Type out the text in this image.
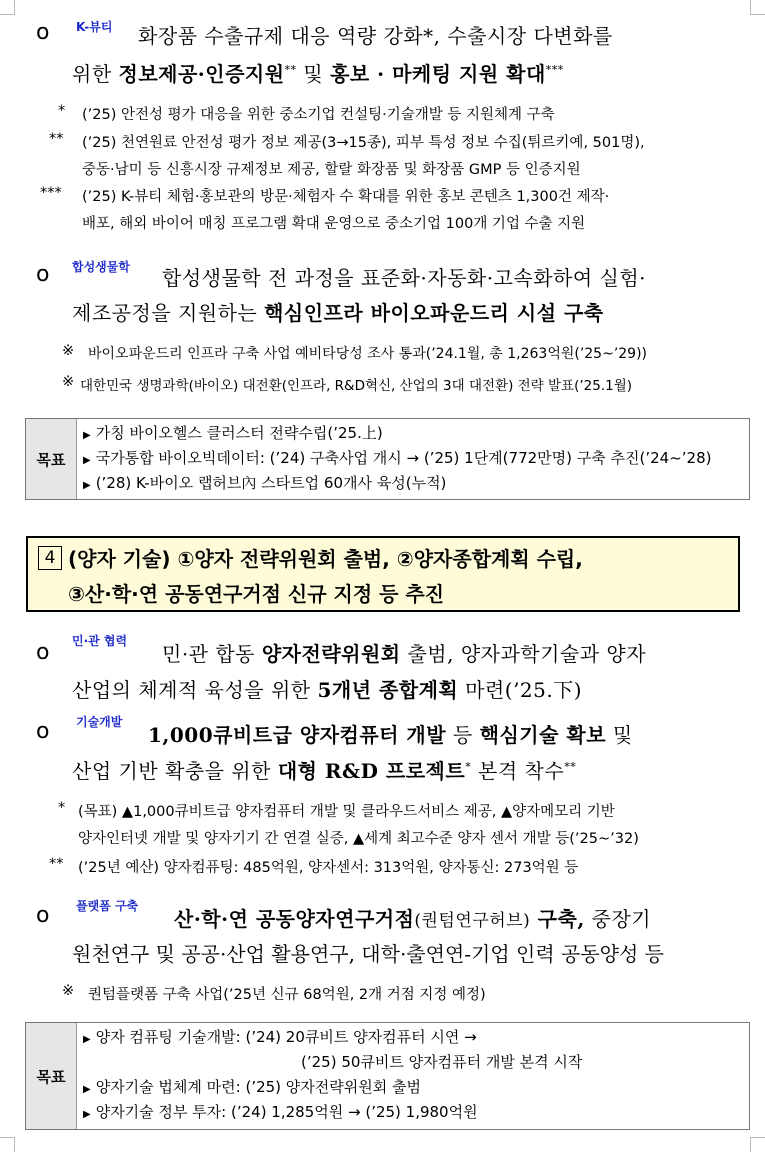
o K-뷰티 화장품 수출규제 대응 역량 강화*, 수출시장 다변화를
위한 정보제공·인증지원** 및 홍보 · 마케팅 지원 확대***
* (’25) 안전성 평가 대응을 위한 중소기업 컨설팅·기술개발 등 지원체계 구축
** (’25) 천연원료 안전성 평가 정보 제공(3→15종), 피부 특성 정보 수집(튀르키예, 501명),
중동·남미 등 신흥시장 규제정보 제공, 할랄 화장품 및 화장품 GMP 등 인증지원
*** (’25) K-뷰티 체험·홍보관의 방문·체험자 수 확대를 위한 홍보 콘텐츠 1,300건 제작·
배포, 해외 바이어 매칭 프로그램 확대 운영으로 중소기업 100개 기업 수출 지원
o 합성생물학 합성생물학 전 과정을 표준화·자동화·고속화하여 실험·
제조공정을 지원하는 핵심인프라 바이오파운드리 시설 구축
※ 바이오파운드리 인프라 구축 사업 예비타당성 조사 통과(’24.1월, 총 1,263억원(’25~’29))
※ 대한민국 생명과학(바이오) 대전환(인프라, R&D혁신, 산업의 3대 대전환) 전략 발표(’25.1월)
목표
▶ 가칭 바이오헬스 클러스터 전략수립(’25.上)
▶ 국가통합 바이오빅데이터: (’24) 구축사업 개시 → (’25) 1단계(772만명) 구축 추진(’24~’28)
▶ (’28) K-바이오 랩허브內 스타트업 60개사 육성(누적)
4 (양자 기술) ①양자 전략위원회 출범, ②양자종합계획 수립,
③산·학·연 공동연구거점 신규 지정 등 추진
o 민·관 협력
민·관 합동 양자전략위원회 출범, 양자과학기술과 양자
산업의 체계적 육성을 위한 5개년 종합계획 마련(’25.下)
o 기술개발
1,000큐비트급 양자컴퓨터 개발 등 핵심기술 확보 및
산업 기반 확충을 위한 대형 R&D 프로젝트* 본격 착수**
* (목표) ▲1,000큐비트급 양자컴퓨터 개발 및 클라우드서비스 제공, ▲양자메모리 기반
양자인터넷 개발 및 양자기기 간 연결 실증, ▲세계 최고수준 양자 센서 개발 등(’25~’32)
** (’25년 예산) 양자컴퓨팅: 485억원, 양자센서: 313억원, 양자통신: 273억원 등
o 플랫폼 구축
산·학·연 공동양자연구거점(퀀텀연구허브) 구축, 중장기
원천연구 및 공공·산업 활용연구, 대학·출연연-기업 인력 공동양성 등
※ 퀀텀플랫폼 구축 사업(’25년 신규 68억원, 2개 거점 지정 예정)
목표
▶ 양자 컴퓨팅 기술개발: (’24) 20큐비트 양자컴퓨터 시연 →
(’25) 50큐비트 양자컴퓨터 개발 본격 시작
▶ 양자기술 법체계 마련: (’25) 양자전략위원회 출범
▶ 양자기술 정부 투자: (’24) 1,285억원 → (’25) 1,980억원
